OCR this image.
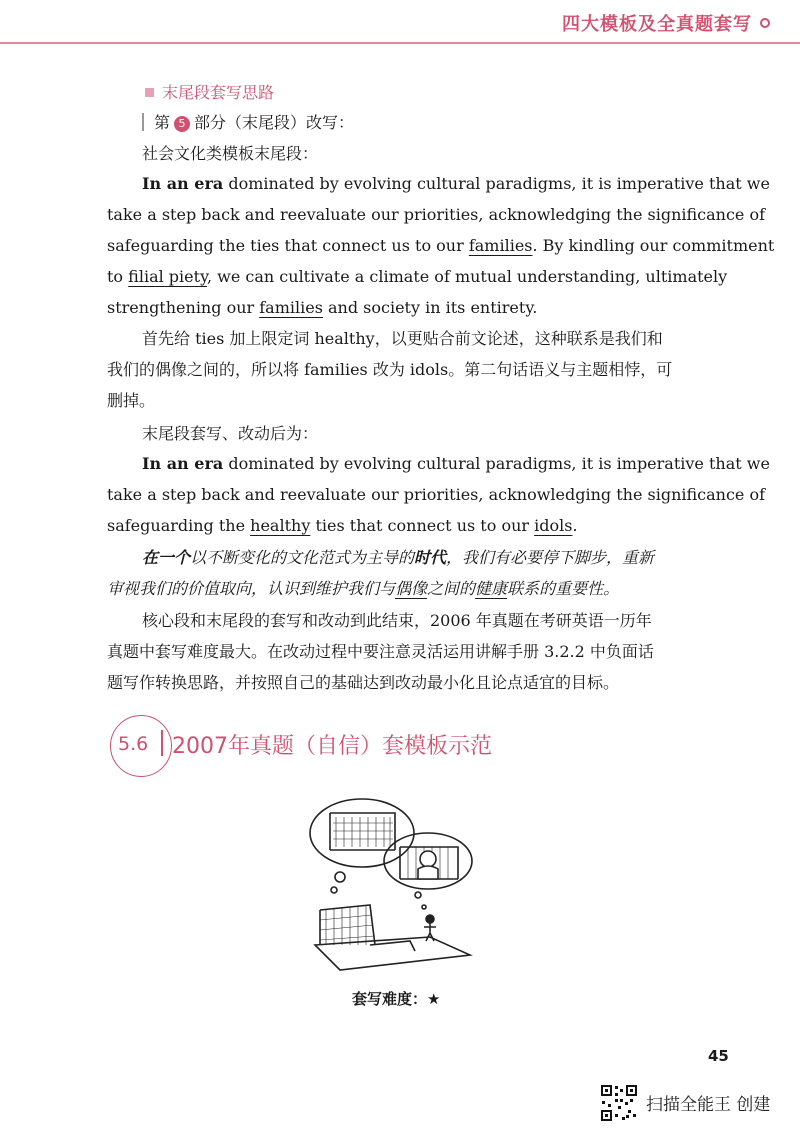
四大模板及全真题套写
末尾段套写思路
第 5 部分（末尾段）改写：
社会文化类模板末尾段：
In an era dominated by evolving cultural paradigms, it is imperative that we
take a step back and reevaluate our priorities, acknowledging the significance of
safeguarding the ties that connect us to our families. By kindling our commitment
to filial piety, we can cultivate a climate of mutual understanding, ultimately
strengthening our families and society in its entirety.
首先给 ties 加上限定词 healthy，以更贴合前文论述，这种联系是我们和
我们的偶像之间的，所以将 families 改为 idols。第二句话语义与主题相悖，可
删掉。
末尾段套写、改动后为：
In an era dominated by evolving cultural paradigms, it is imperative that we
take a step back and reevaluate our priorities, acknowledging the significance of
safeguarding the healthy ties that connect us to our idols.
在一个以不断变化的文化范式为主导的时代，我们有必要停下脚步，重新
审视我们的价值取向，认识到维护我们与偶像之间的健康联系的重要性。
核心段和末尾段的套写和改动到此结束，2006 年真题在考研英语一历年
真题中套写难度最大。在改动过程中要注意灵活运用讲解手册 3.2.2 中负面话
题写作转换思路，并按照自己的基础达到改动最小化且论点适宜的目标。
5.6 2007年真题（自信）套模板示范
套写难度：★
45
扫描全能王 创建
